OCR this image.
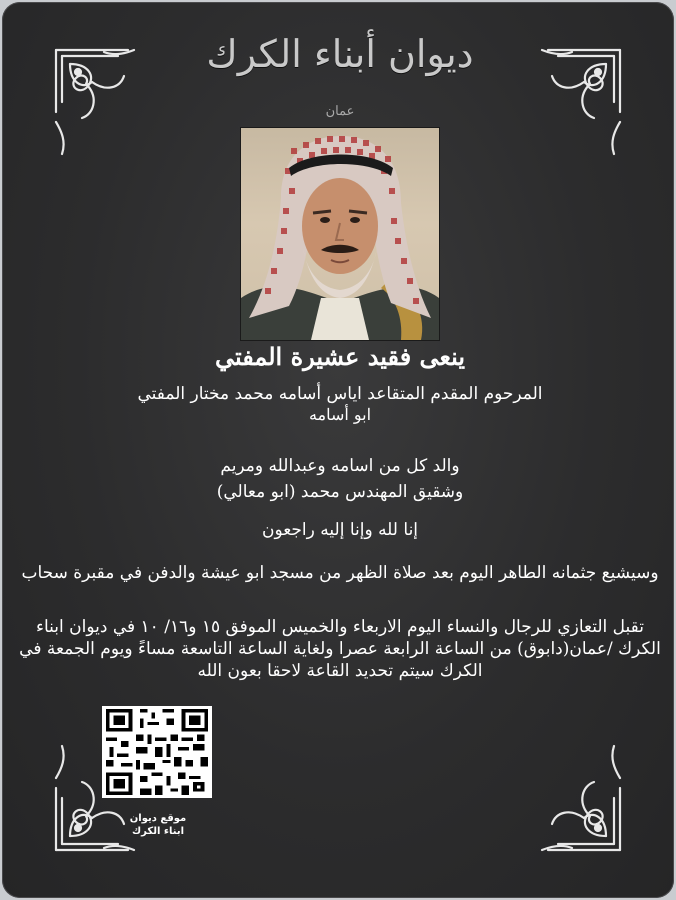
ديوان أبناء الكرك
عمان
ينعى فقيد عشيرة المفتي
المرحوم المقدم المتقاعد اياس أسامه محمد مختار المفتي
ابو أسامه
والد كل من اسامه وعبدالله ومريم
وشقيق المهندس محمد (ابو معالي)
إنا لله وإنا إليه راجعون
وسيشيع جثمانه الطاهر اليوم بعد صلاة الظهر من مسجد ابو عيشة والدفن في مقبرة سحاب
تقبل التعازي للرجال والنساء اليوم الاربعاء والخميس الموفق ١٥ و١٦/ ١٠ في ديوان ابناء الكرك /عمان(دابوق) من الساعة الرابعة عصرا ولغاية الساعة التاسعة مساءً ويوم الجمعة في الكرك سيتم تحديد القاعة لاحقا بعون الله
موقع ديوان
ابناء الكرك
